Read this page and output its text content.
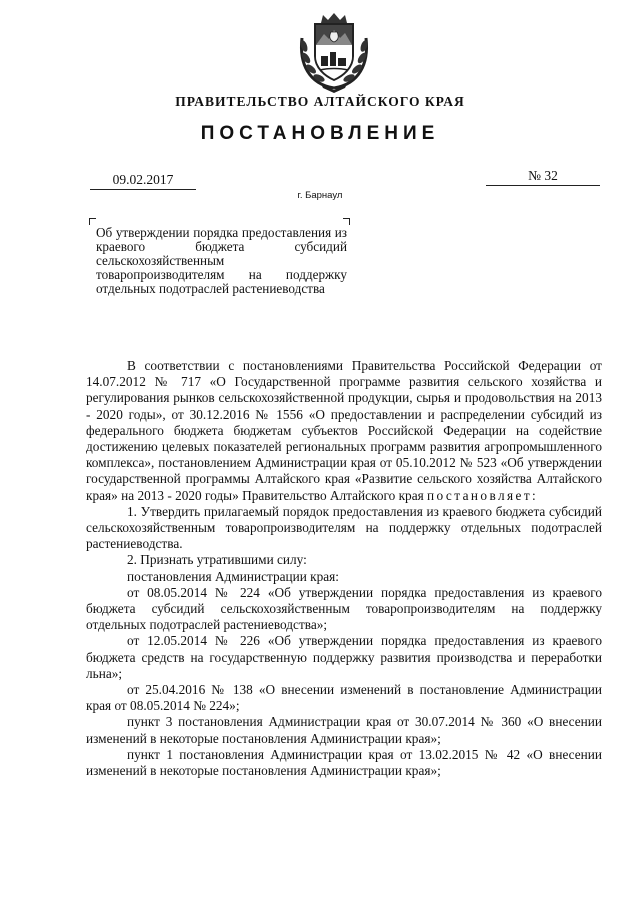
ПРАВИТЕЛЬСТВО АЛТАЙСКОГО КРАЯ
ПОСТАНОВЛЕНИЕ
09.02.2017	№ 32
г. Барнаул

Об утверждении порядка предоставления из краевого бюджета субсидий сельскохозяйственным товаропроизводителям на поддержку отдельных подотраслей растениеводства

В соответствии с постановлениями Правительства Российской Федерации от 14.07.2012 № 717 «О Государственной программе развития сельского хозяйства и регулирования рынков сельскохозяйственной продукции, сырья и продовольствия на 2013 - 2020 годы», от 30.12.2016 № 1556 «О предоставлении и распределении субсидий из федерального бюджета бюджетам субъектов Российской Федерации на содействие достижению целевых показателей региональных программ развития агропромышленного комплекса», постановлением Администрации края от 05.10.2012 № 523 «Об утверждении государственной программы Алтайского края «Развитие сельского хозяйства Алтайского края» на 2013 - 2020 годы» Правительство Алтайского края постановляет:

1. Утвердить прилагаемый порядок предоставления из краевого бюджета субсидий сельскохозяйственным товаропроизводителям на поддержку отдельных подотраслей растениеводства.

2. Признать утратившими силу:

постановления Администрации края:

от 08.05.2014 № 224 «Об утверждении порядка предоставления из краевого бюджета субсидий сельскохозяйственным товаропроизводителям на поддержку отдельных подотраслей растениеводства»;

от 12.05.2014 № 226 «Об утверждении порядка предоставления из краевого бюджета средств на государственную поддержку развития производства и переработки льна»;

от 25.04.2016 № 138 «О внесении изменений в постановление Администрации края от 08.05.2014 № 224»;

пункт 3 постановления Администрации края от 30.07.2014 № 360 «О внесении изменений в некоторые постановления Администрации края»;

пункт 1 постановления Администрации края от 13.02.2015 № 42 «О внесении изменений в некоторые постановления Администрации края»;
